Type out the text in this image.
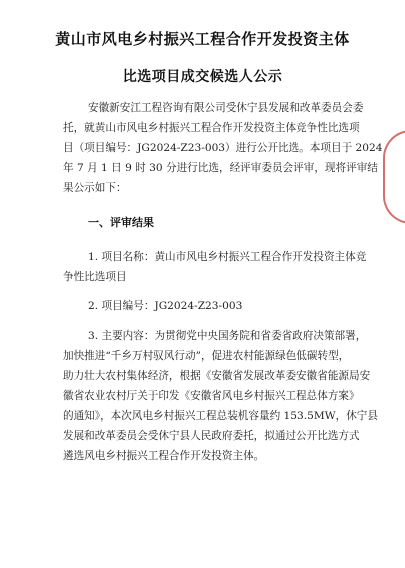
黄山市风电乡村振兴工程合作开发投资主体
比选项目成交候选人公示
安徽新安江工程咨询有限公司受休宁县发展和改革委员会委
托，就黄山市风电乡村振兴工程合作开发投资主体竞争性比选项
目（项目编号：JG2024-Z23-003）进行公开比选。本项目于 2024
年 7 月 1 日 9 时 30 分进行比选，经评审委员会评审，现将评审结
果公示如下：
一、评审结果
1. 项目名称：黄山市风电乡村振兴工程合作开发投资主体竞
争性比选项目
2. 项目编号：JG2024-Z23-003
3. 主要内容：为贯彻党中央国务院和省委省政府决策部署，
加快推进“千乡万村驭风行动”，促进农村能源绿色低碳转型，
助力壮大农村集体经济，根据《安徽省发展改革委安徽省能源局安
徽省农业农村厅关于印发《安徽省风电乡村振兴工程总体方案》
的通知》，本次风电乡村振兴工程总装机容量约 153.5MW，休宁县
发展和改革委员会受休宁县人民政府委托，拟通过公开比选方式
遴选风电乡村振兴工程合作开发投资主体。
